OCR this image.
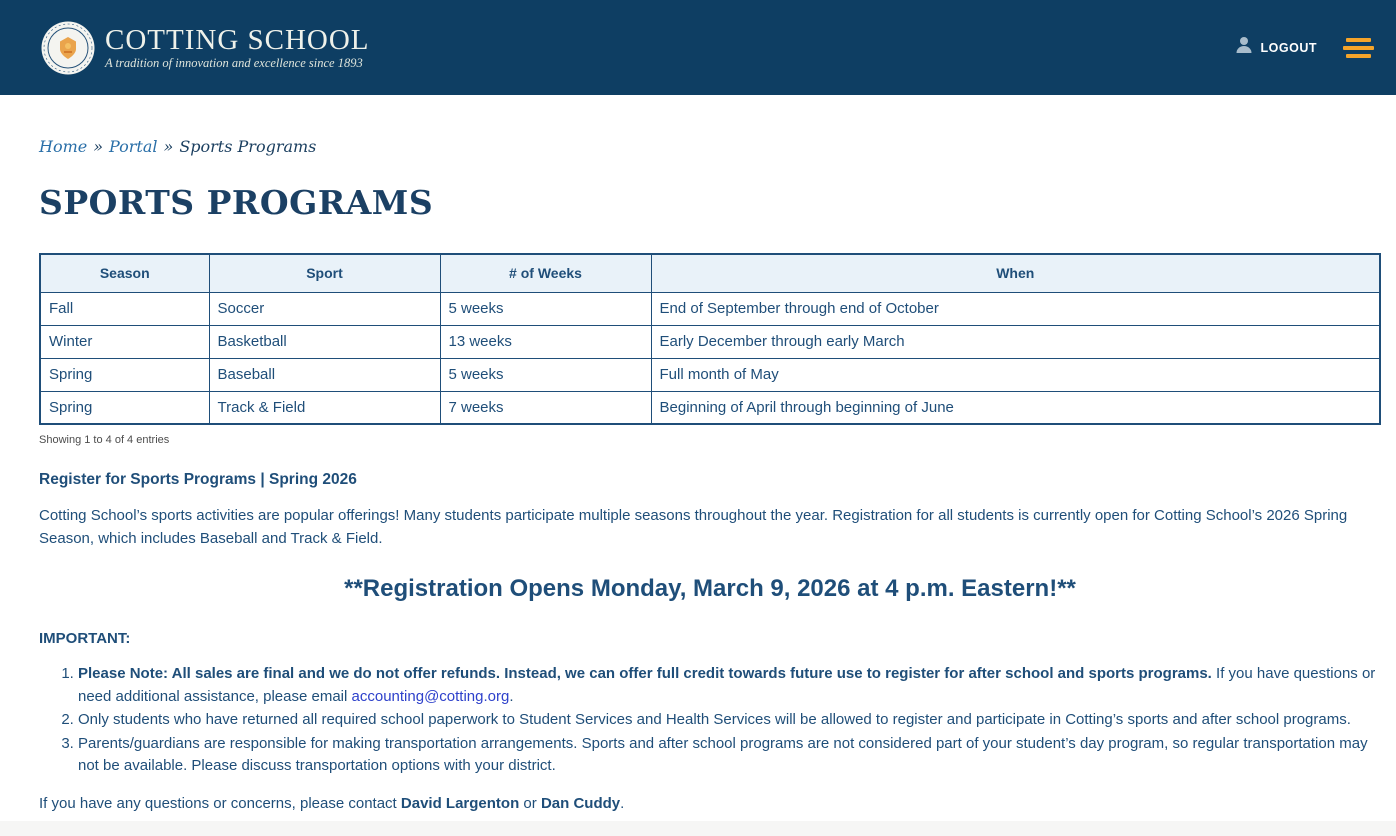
COTTING SCHOOL
A tradition of innovation and excellence since 1893
LOGOUT
Home » Portal » Sports Programs
SPORTS PROGRAMS
Season	Sport	# of Weeks	When
Fall	Soccer	5 weeks	End of September through end of October
Winter	Basketball	13 weeks	Early December through early March
Spring	Baseball	5 weeks	Full month of May
Spring	Track & Field	7 weeks	Beginning of April through beginning of June
Showing 1 to 4 of 4 entries
Register for Sports Programs | Spring 2026

Cotting School’s sports activities are popular offerings! Many students participate multiple seasons throughout the year. Registration for all students is currently open for Cotting School’s 2026 Spring Season, which includes Baseball and Track & Field.

**Registration Opens Monday, March 9, 2026 at 4 p.m. Eastern!**

IMPORTANT:

1. Please Note: All sales are final and we do not offer refunds. Instead, we can offer full credit towards future use to register for after school and sports programs. If you have questions or need additional assistance, please email accounting@cotting.org.
2. Only students who have returned all required school paperwork to Student Services and Health Services will be allowed to register and participate in Cotting’s sports and after school programs.
3. Parents/guardians are responsible for making transportation arrangements. Sports and after school programs are not considered part of your student’s day program, so regular transportation may not be available. Please discuss transportation options with your district.

If you have any questions or concerns, please contact David Largenton or Dan Cuddy.
